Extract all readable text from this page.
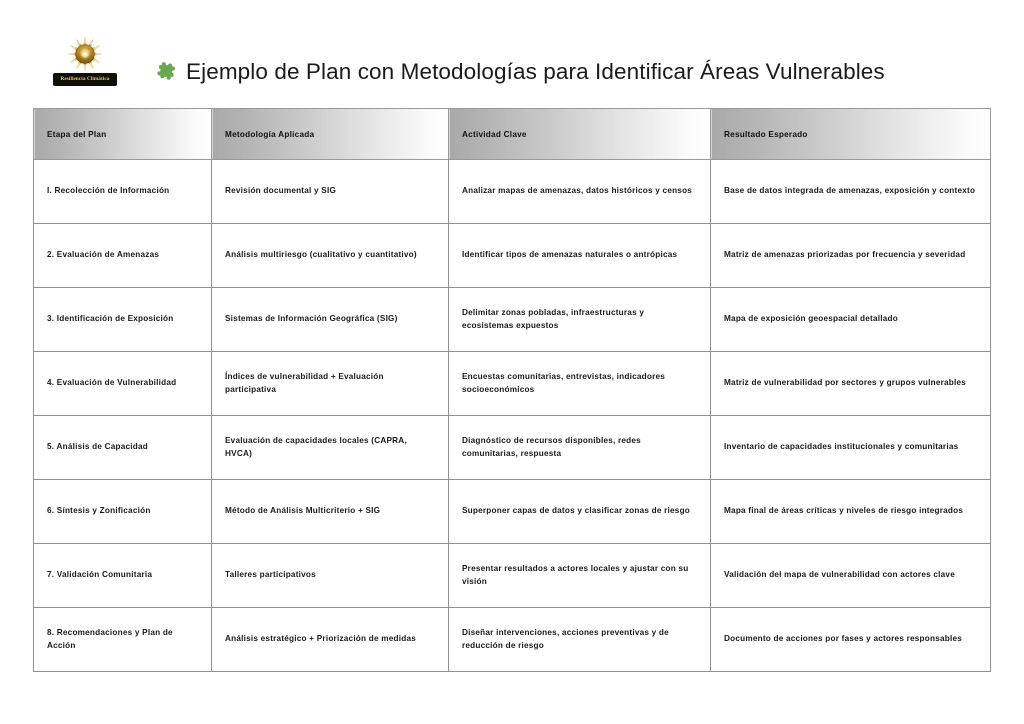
Resiliencia Climática	Ejemplo de Plan con Metodologías para Identificar Áreas Vulnerables
Etapa del Plan	Metodología Aplicada	Actividad Clave	Resultado Esperado
I. Recolección de Información	Revisión documental y SIG	Analizar mapas de amenazas, datos históricos y censos	Base de datos integrada de amenazas, exposición y contexto
2. Evaluación de Amenazas	Análisis multiriesgo (cualitativo y cuantitativo)	Identificar tipos de amenazas naturales o antrópicas	Matriz de amenazas priorizadas por frecuencia y severidad
3. Identificación de Exposición	Sistemas de Información Geográfica (SIG)	Delimitar zonas pobladas, infraestructuras y ecosistemas expuestos	Mapa de exposición geoespacial detallado
4. Evaluación de Vulnerabilidad	Índices de vulnerabilidad + Evaluación participativa	Encuestas comunitarias, entrevistas, indicadores socioeconómicos	Matriz de vulnerabilidad por sectores y grupos vulnerables
5. Análisis de Capacidad	Evaluación de capacidades locales (CAPRA, HVCA)	Diagnóstico de recursos disponibles, redes comunitarias, respuesta	Inventario de capacidades institucionales y comunitarias
6. Síntesis y Zonificación	Método de Análisis Multicriterio + SIG	Superponer capas de datos y clasificar zonas de riesgo	Mapa final de áreas críticas y niveles de riesgo integrados
7. Validación Comunitaria	Talleres participativos	Presentar resultados a actores locales y ajustar con su visión	Validación del mapa de vulnerabilidad con actores clave
8. Recomendaciones y Plan de Acción	Análisis estratégico + Priorización de medidas	Diseñar intervenciones, acciones preventivas y de reducción de riesgo	Documento de acciones por fases y actores responsables
